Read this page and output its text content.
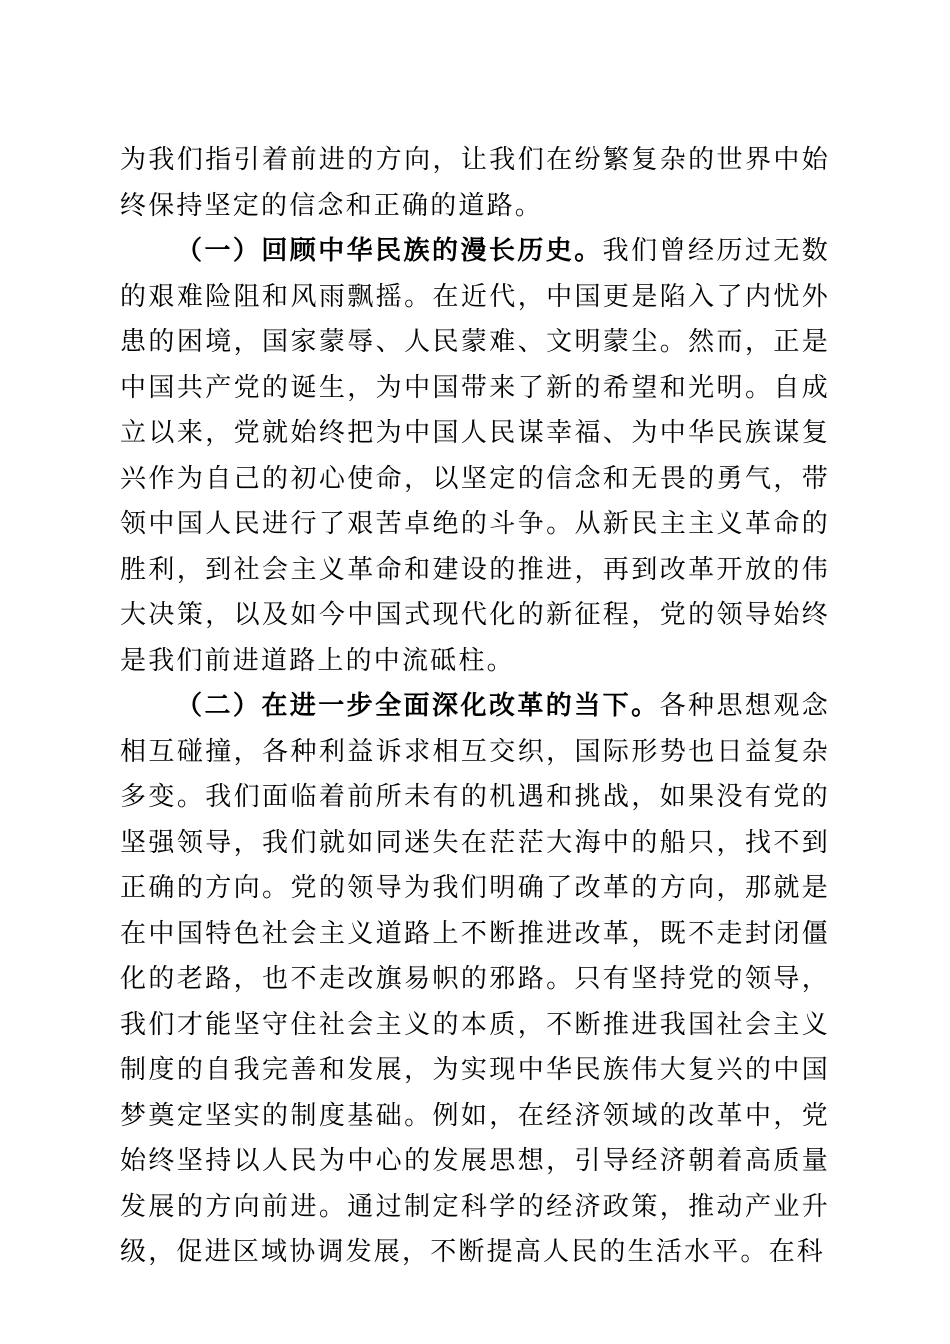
为我们指引着前进的方向，让我们在纷繁复杂的世界中始终保持坚定的信念和正确的道路。

（一）回顾中华民族的漫长历史。我们曾经历过无数的艰难险阻和风雨飘摇。在近代，中国更是陷入了内忧外患的困境，国家蒙辱、人民蒙难、文明蒙尘。然而，正是中国共产党的诞生，为中国带来了新的希望和光明。自成立以来，党就始终把为中国人民谋幸福、为中华民族谋复兴作为自己的初心使命，以坚定的信念和无畏的勇气，带领中国人民进行了艰苦卓绝的斗争。从新民主主义革命的胜利，到社会主义革命和建设的推进，再到改革开放的伟大决策，以及如今中国式现代化的新征程，党的领导始终是我们前进道路上的中流砥柱。

（二）在进一步全面深化改革的当下。各种思想观念相互碰撞，各种利益诉求相互交织，国际形势也日益复杂多变。我们面临着前所未有的机遇和挑战，如果没有党的坚强领导，我们就如同迷失在茫茫大海中的船只，找不到正确的方向。党的领导为我们明确了改革的方向，那就是在中国特色社会主义道路上不断推进改革，既不走封闭僵化的老路，也不走改旗易帜的邪路。只有坚持党的领导，我们才能坚守住社会主义的本质，不断推进我国社会主义制度的自我完善和发展，为实现中华民族伟大复兴的中国梦奠定坚实的制度基础。例如，在经济领域的改革中，党始终坚持以人民为中心的发展思想，引导经济朝着高质量发展的方向前进。通过制定科学的经济政策，推动产业升级，促进区域协调发展，不断提高人民的生活水平。在科
